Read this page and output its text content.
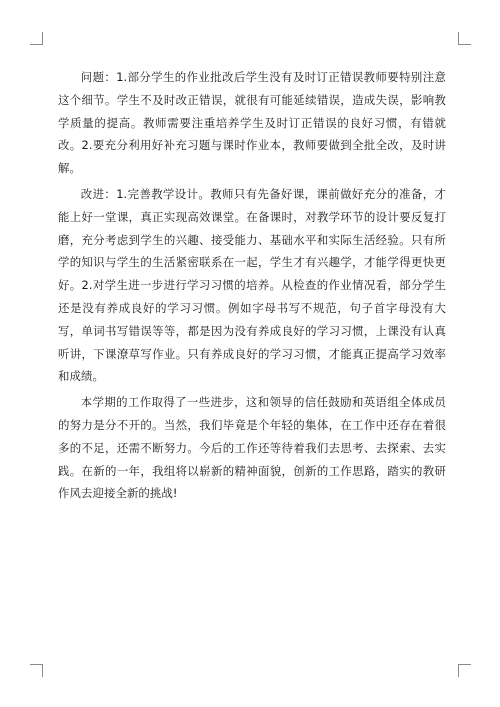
问题：1.部分学生的作业批改后学生没有及时订正错误教师要特别注意这个细节。学生不及时改正错误，就很有可能延续错误，造成失误，影响教学质量的提高。教师需要注重培养学生及时订正错误的良好习惯，有错就改。2.要充分利用好补充习题与课时作业本，教师要做到全批全改，及时讲解。

改进：1.完善教学设计。教师只有先备好课，课前做好充分的准备，才能上好一堂课，真正实现高效课堂。在备课时，对教学环节的设计要反复打磨，充分考虑到学生的兴趣、接受能力、基础水平和实际生活经验。只有所学的知识与学生的生活紧密联系在一起，学生才有兴趣学，才能学得更快更好。2.对学生进一步进行学习习惯的培养。从检查的作业情况看，部分学生还是没有养成良好的学习习惯。例如字母书写不规范，句子首字母没有大写，单词书写错误等等，都是因为没有养成良好的学习习惯，上课没有认真听讲，下课潦草写作业。只有养成良好的学习习惯，才能真正提高学习效率和成绩。

本学期的工作取得了一些进步，这和领导的信任鼓励和英语组全体成员的努力是分不开的。当然，我们毕竟是个年轻的集体，在工作中还存在着很多的不足，还需不断努力。今后的工作还等待着我们去思考、去探索、去实践。在新的一年，我组将以崭新的精神面貌，创新的工作思路，踏实的教研作风去迎接全新的挑战!
